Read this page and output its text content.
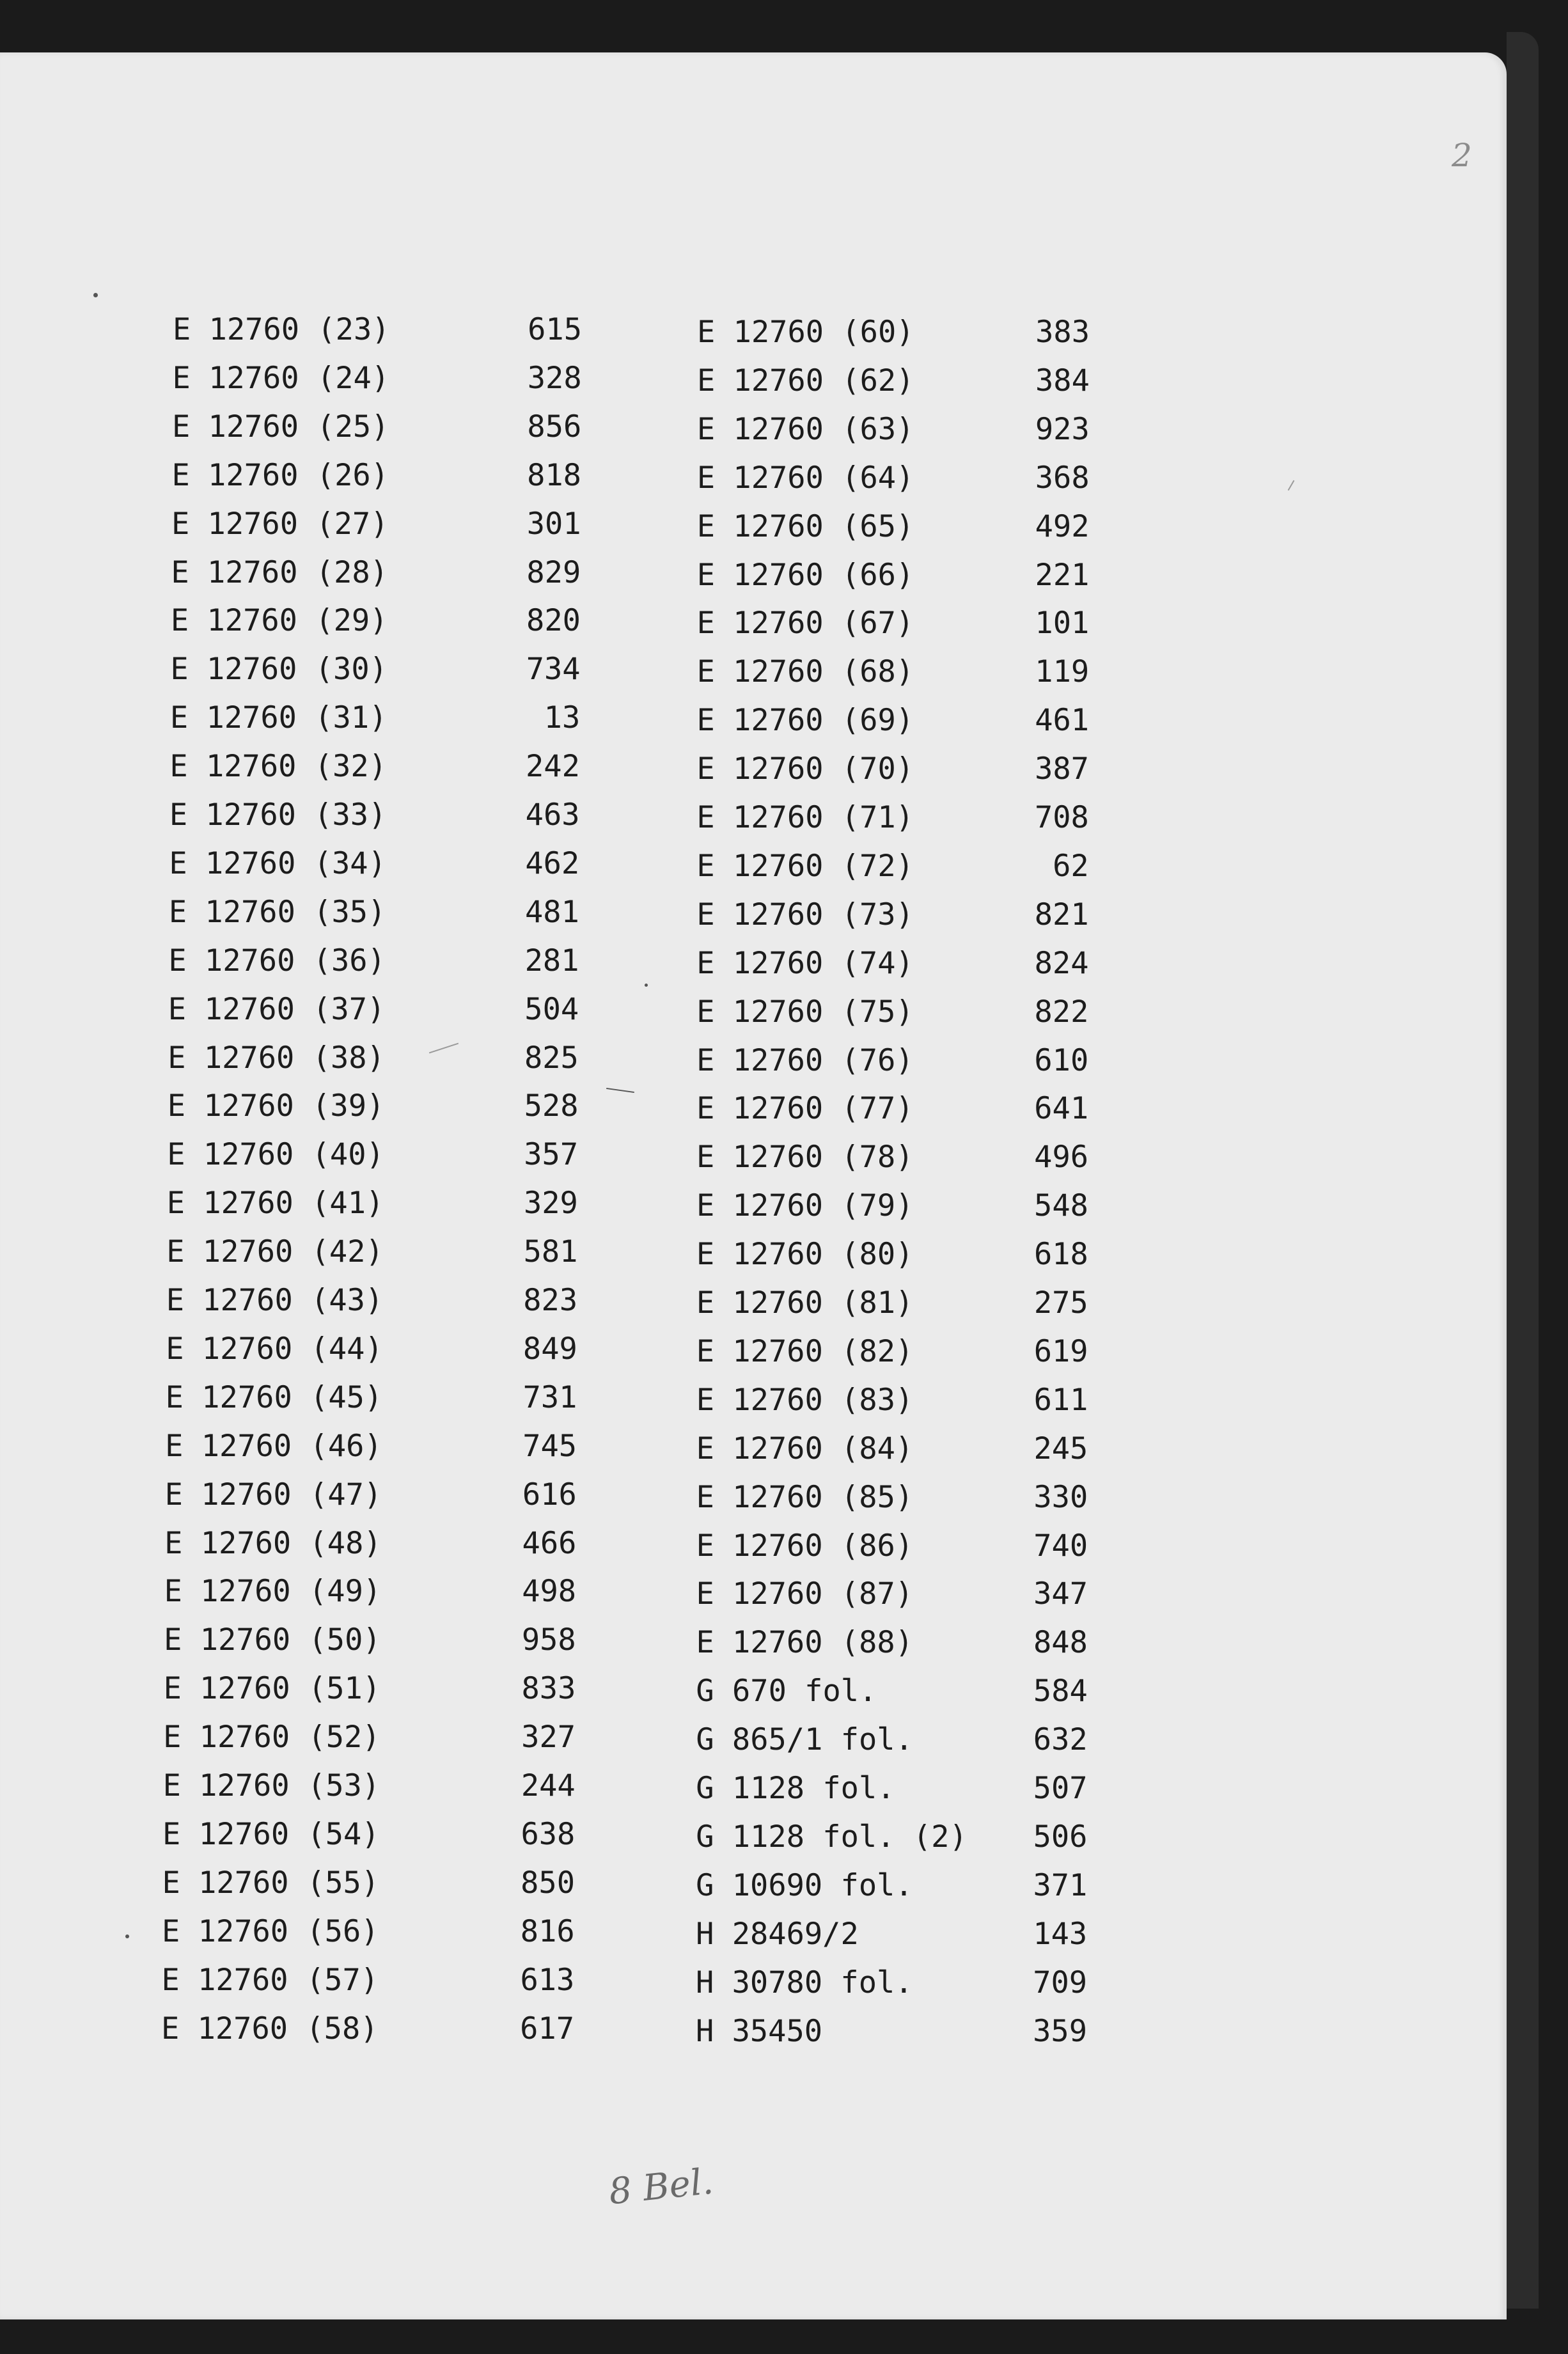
2
E 12760 (23)
E 12760 (24)
E 12760 (25)
E 12760 (26)
E 12760 (27)
E 12760 (28)
E 12760 (29)
E 12760 (30)
E 12760 (31)
E 12760 (32)
E 12760 (33)
E 12760 (34)
E 12760 (35)
E 12760 (36)
E 12760 (37)
E 12760 (38)
E 12760 (39)
E 12760 (40)
E 12760 (41)
E 12760 (42)
E 12760 (43)
E 12760 (44)
E 12760 (45)
E 12760 (46)
E 12760 (47)
E 12760 (48)
E 12760 (49)
E 12760 (50)
E 12760 (51)
E 12760 (52)
E 12760 (53)
E 12760 (54)
E 12760 (55)
E 12760 (56)
E 12760 (57)
E 12760 (58)
615
328
856
818
301
829
820
734
13
242
463
462
481
281
504
825
528
357
329
581
823
849
731
745
616
466
498
958
833
327
244
638
850
816
613
617
E 12760 (60)
E 12760 (62)
E 12760 (63)
E 12760 (64)
E 12760 (65)
E 12760 (66)
E 12760 (67)
E 12760 (68)
E 12760 (69)
E 12760 (70)
E 12760 (71)
E 12760 (72)
E 12760 (73)
E 12760 (74)
E 12760 (75)
E 12760 (76)
E 12760 (77)
E 12760 (78)
E 12760 (79)
E 12760 (80)
E 12760 (81)
E 12760 (82)
E 12760 (83)
E 12760 (84)
E 12760 (85)
E 12760 (86)
E 12760 (87)
E 12760 (88)
G 670 fol.
G 865/1 fol.
G 1128 fol.
G 1128 fol. (2)
G 10690 fol.
H 28469/2
H 30780 fol.
H 35450
383
384
923
368
492
221
101
119
461
387
708
62
821
824
822
610
641
496
548
618
275
619
611
245
330
740
347
848
584
632
507
506
371
143
709
359
8 Bel.
